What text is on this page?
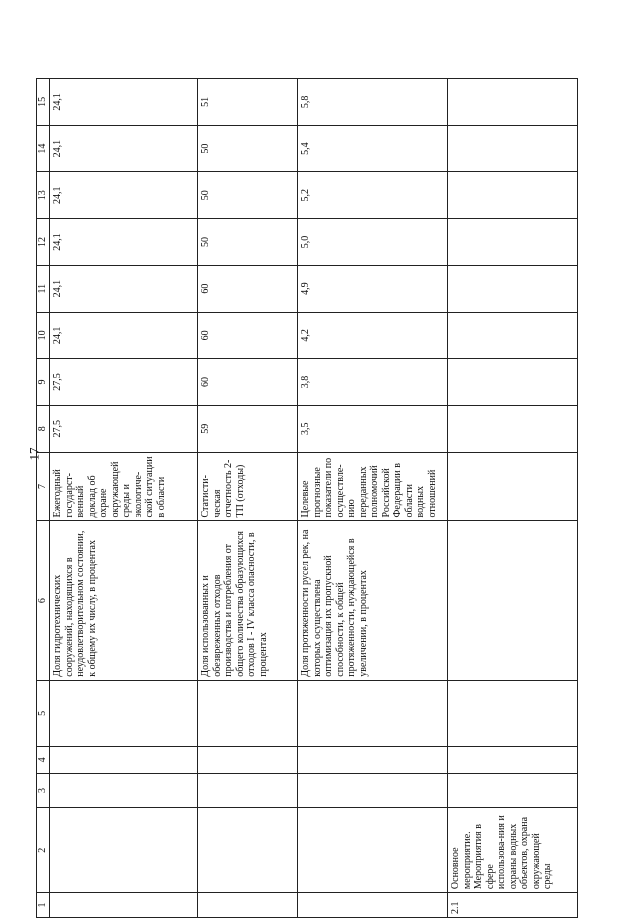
17
1	2	3	4	5	6	7	8	9	10	11	12	13	14	15
					Доля гидротехнических сооружений, находящихся в неудовлетворительном состоянии, к общему их числу, в процентах	Ежегодный государст-венный доклад об охране окружающей среды и экологиче-ской ситуации в области	27,5	27,5	24,1	24,1	24,1	24,1	24,1	24,1
					Доля использованных и обезвреженных отходов производства и потребления от общего количества образующихся отходов I - IV класса опасности, в процентах	Статисти-ческая отчетность 2-ТП (отходы)	59	60	60	60	50	50	50	51
					Доля протяженности русел рек, на которых осуществлена оптимизация их пропускной способности, к общей протяженности, нуждающейся в увеличении, в процентах	Целевые прогнозные показатели по осуществле-нию переданных полномочий Российской Федерации в области водных отношений	3,5	3,8	4,2	4,9	5,0	5,2	5,4	5,8
2.1	Основное мероприятие. Мероприятия в сфере использова-ния и охраны водных объектов, охрана окружающей среды													
